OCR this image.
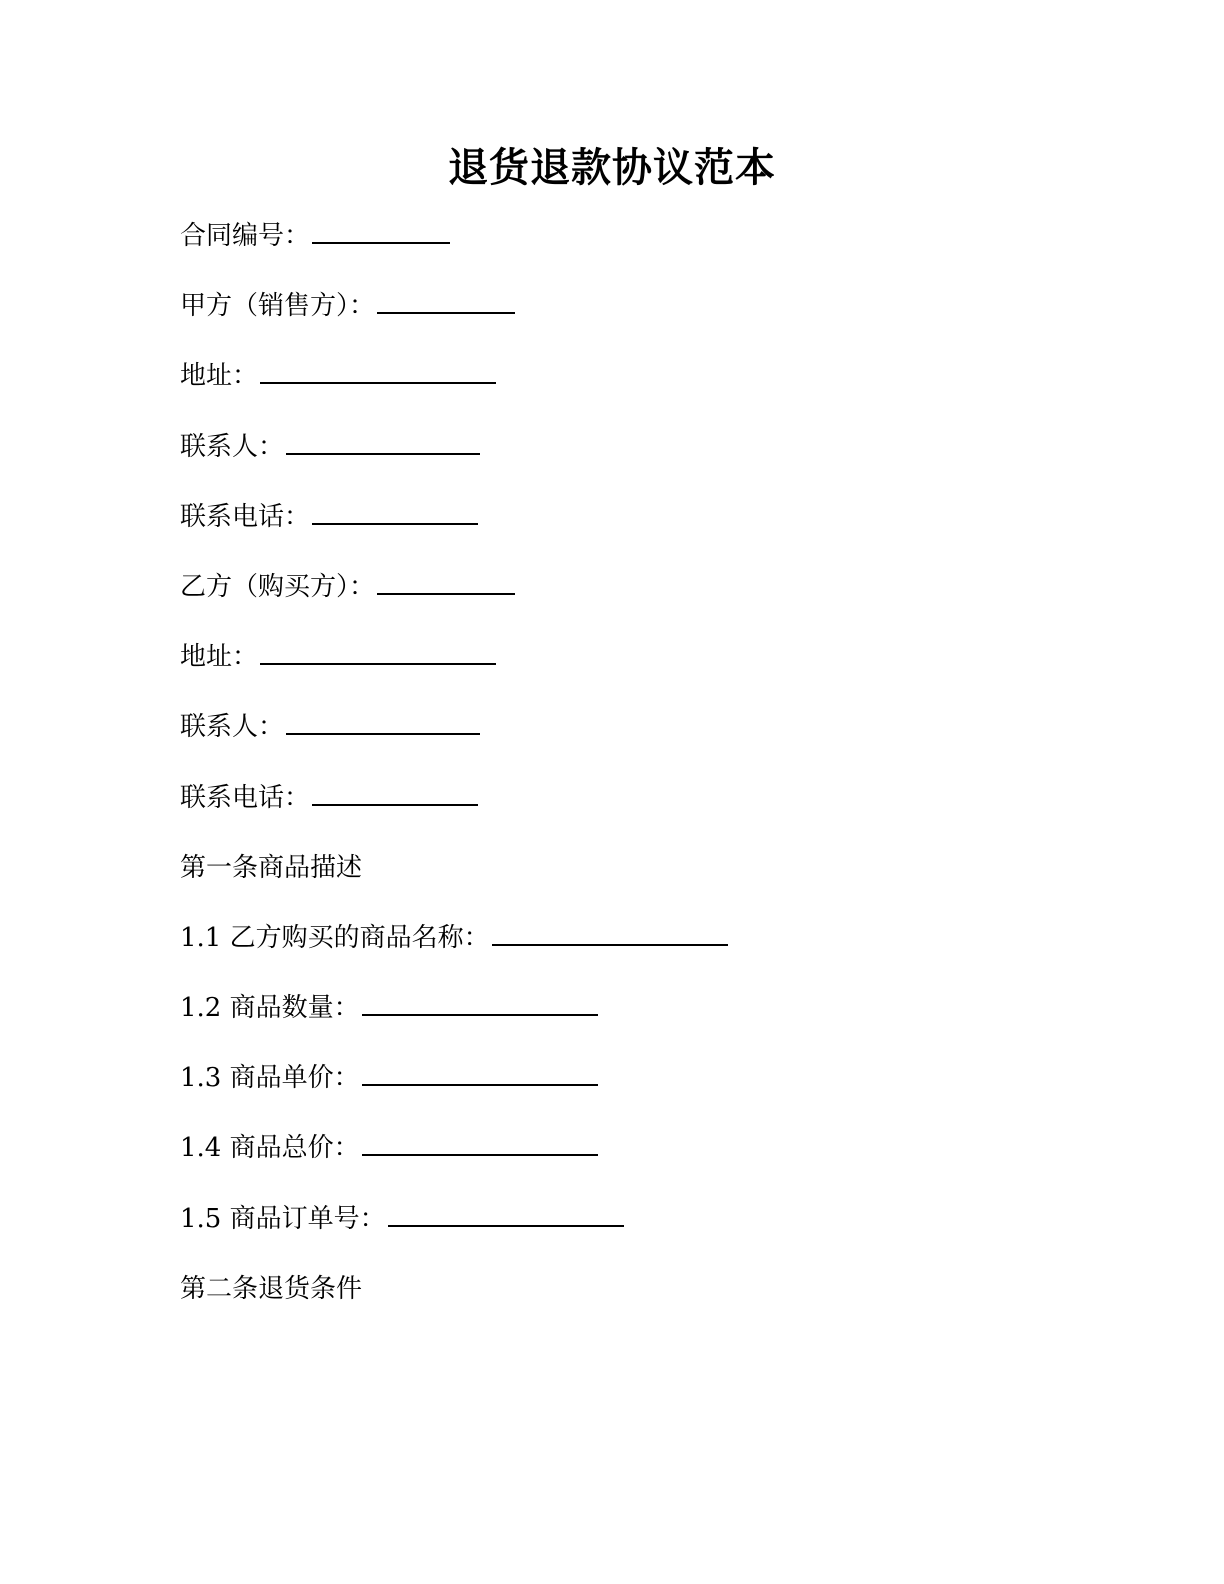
退货退款协议范本
合同编号：
甲方（销售方）：
地址：
联系人：
联系电话：
乙方（购买方）：
地址：
联系人：
联系电话：
第一条商品描述
1.1 乙方购买的商品名称：
1.2 商品数量：
1.3 商品单价：
1.4 商品总价：
1.5 商品订单号：
第二条退货条件
